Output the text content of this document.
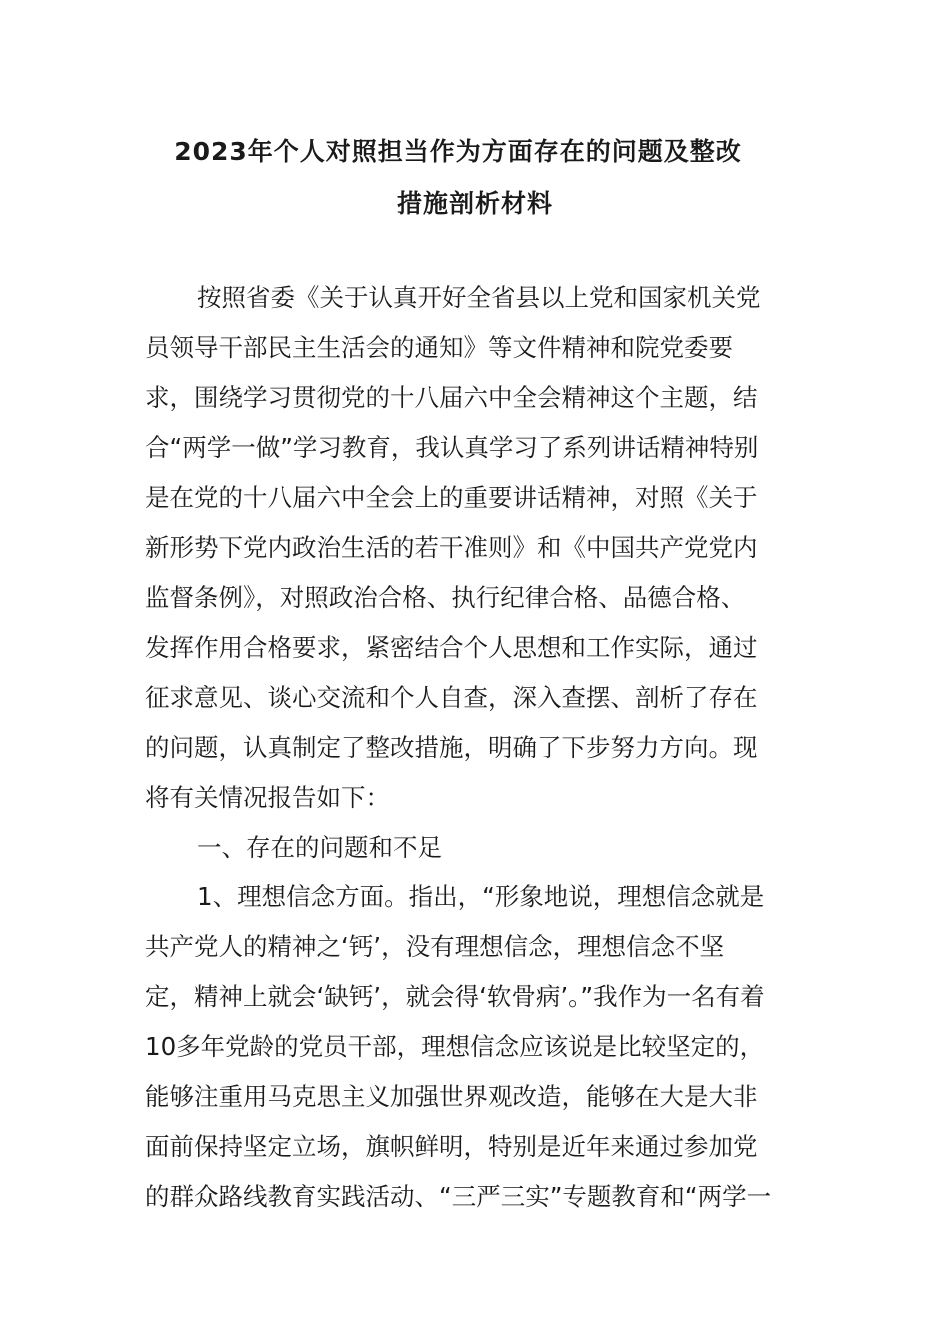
2023年个人对照担当作为方面存在的问题及整改
措施剖析材料
按照省委《关于认真开好全省县以上党和国家机关党
员领导干部民主生活会的通知》等文件精神和院党委要
求，围绕学习贯彻党的十八届六中全会精神这个主题，结
合“两学一做”学习教育，我认真学习了系列讲话精神特别
是在党的十八届六中全会上的重要讲话精神，对照《关于
新形势下党内政治生活的若干准则》和《中国共产党党内
监督条例》，对照政治合格、执行纪律合格、品德合格、
发挥作用合格要求，紧密结合个人思想和工作实际，通过
征求意见、谈心交流和个人自查，深入查摆、剖析了存在
的问题，认真制定了整改措施，明确了下步努力方向。现
将有关情况报告如下：
一、存在的问题和不足
1、理想信念方面。指出，“形象地说，理想信念就是
共产党人的精神之‘钙’，没有理想信念，理想信念不坚
定，精神上就会‘缺钙’，就会得‘软骨病’。”我作为一名有着
10多年党龄的党员干部，理想信念应该说是比较坚定的，
能够注重用马克思主义加强世界观改造，能够在大是大非
面前保持坚定立场，旗帜鲜明，特别是近年来通过参加党
的群众路线教育实践活动、“三严三实”专题教育和“两学一
